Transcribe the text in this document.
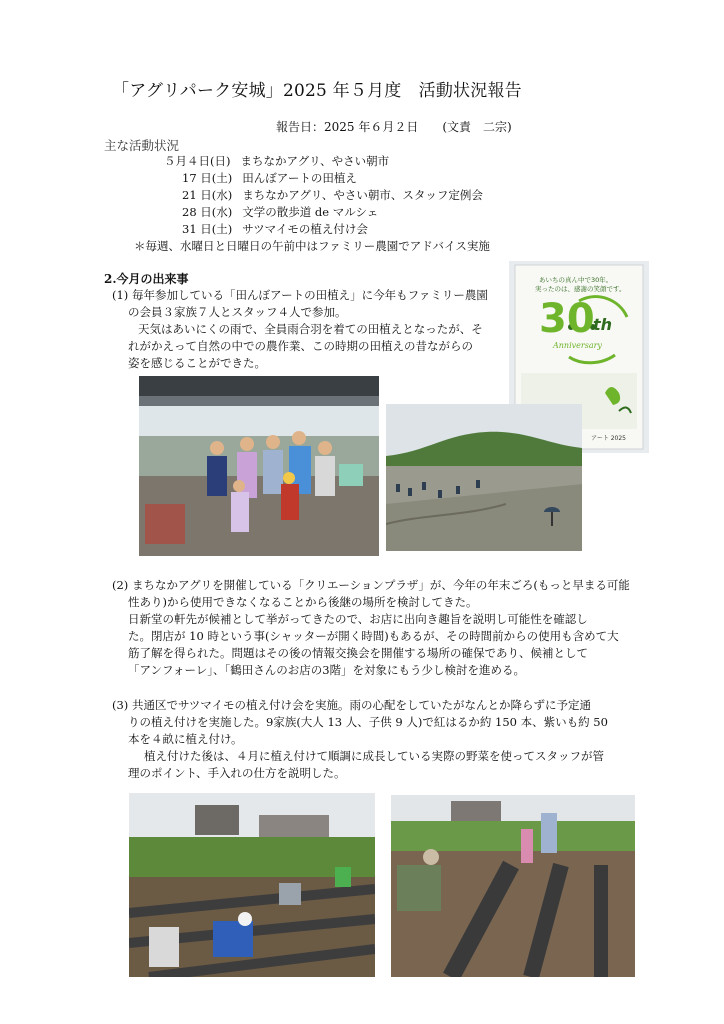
「アグリパーク安城」2025 年５月度　活動状況報告
報告日：2025 年６月２日　　(文責　二宗)
主な活動状況
５月４日(日) まちなかアグリ、やさい朝市
17 日(土) 田んぼアートの田植え
21 日(水) まちなかアグリ、やさい朝市、スタッフ定例会
28 日(水) 文学の散歩道 de マルシェ
31 日(土) サツマイモの植え付け会
＊毎週、水曜日と日曜日の午前中はファミリー農園でアドバイス実施
2.今月の出来事
(1) 毎年参加している「田んぼアートの田植え」に今年もファミリー農園
の会員３家族７人とスタッフ４人で参加。
天気はあいにくの雨で、全員雨合羽を着ての田植えとなったが、そ
れがかえって自然の中での農作業、この時期の田植えの昔ながらの
姿を感じることができた。
あいちの真ん中で30年。
実ったのは、感謝の笑顔です。
30
th
Anniversary
アート 2025
(2) まちなかアグリを開催している「クリエーションプラザ」が、今年の年末ごろ(もっと早まる可能
性あり)から使用できなくなることから後継の場所を検討してきた。
日新堂の軒先が候補として挙がってきたので、お店に出向き趣旨を説明し可能性を確認し
た。閉店が 10 時という事(シャッターが開く時間)もあるが、その時間前からの使用も含めて大
筋了解を得られた。問題はその後の情報交換会を開催する場所の確保であり、候補として
「アンフォーレ」、「鶴田さんのお店の3階」を対象にもう少し検討を進める。
(3) 共通区でサツマイモの植え付け会を実施。雨の心配をしていたがなんとか降らずに予定通
りの植え付けを実施した。9家族(大人 13 人、子供 9 人)で紅はるか約 150 本、紫いも約 50
本を４畝に植え付け。
植え付けた後は、４月に植え付けて順調に成長している実際の野菜を使ってスタッフが管
理のポイント、手入れの仕方を説明した。
